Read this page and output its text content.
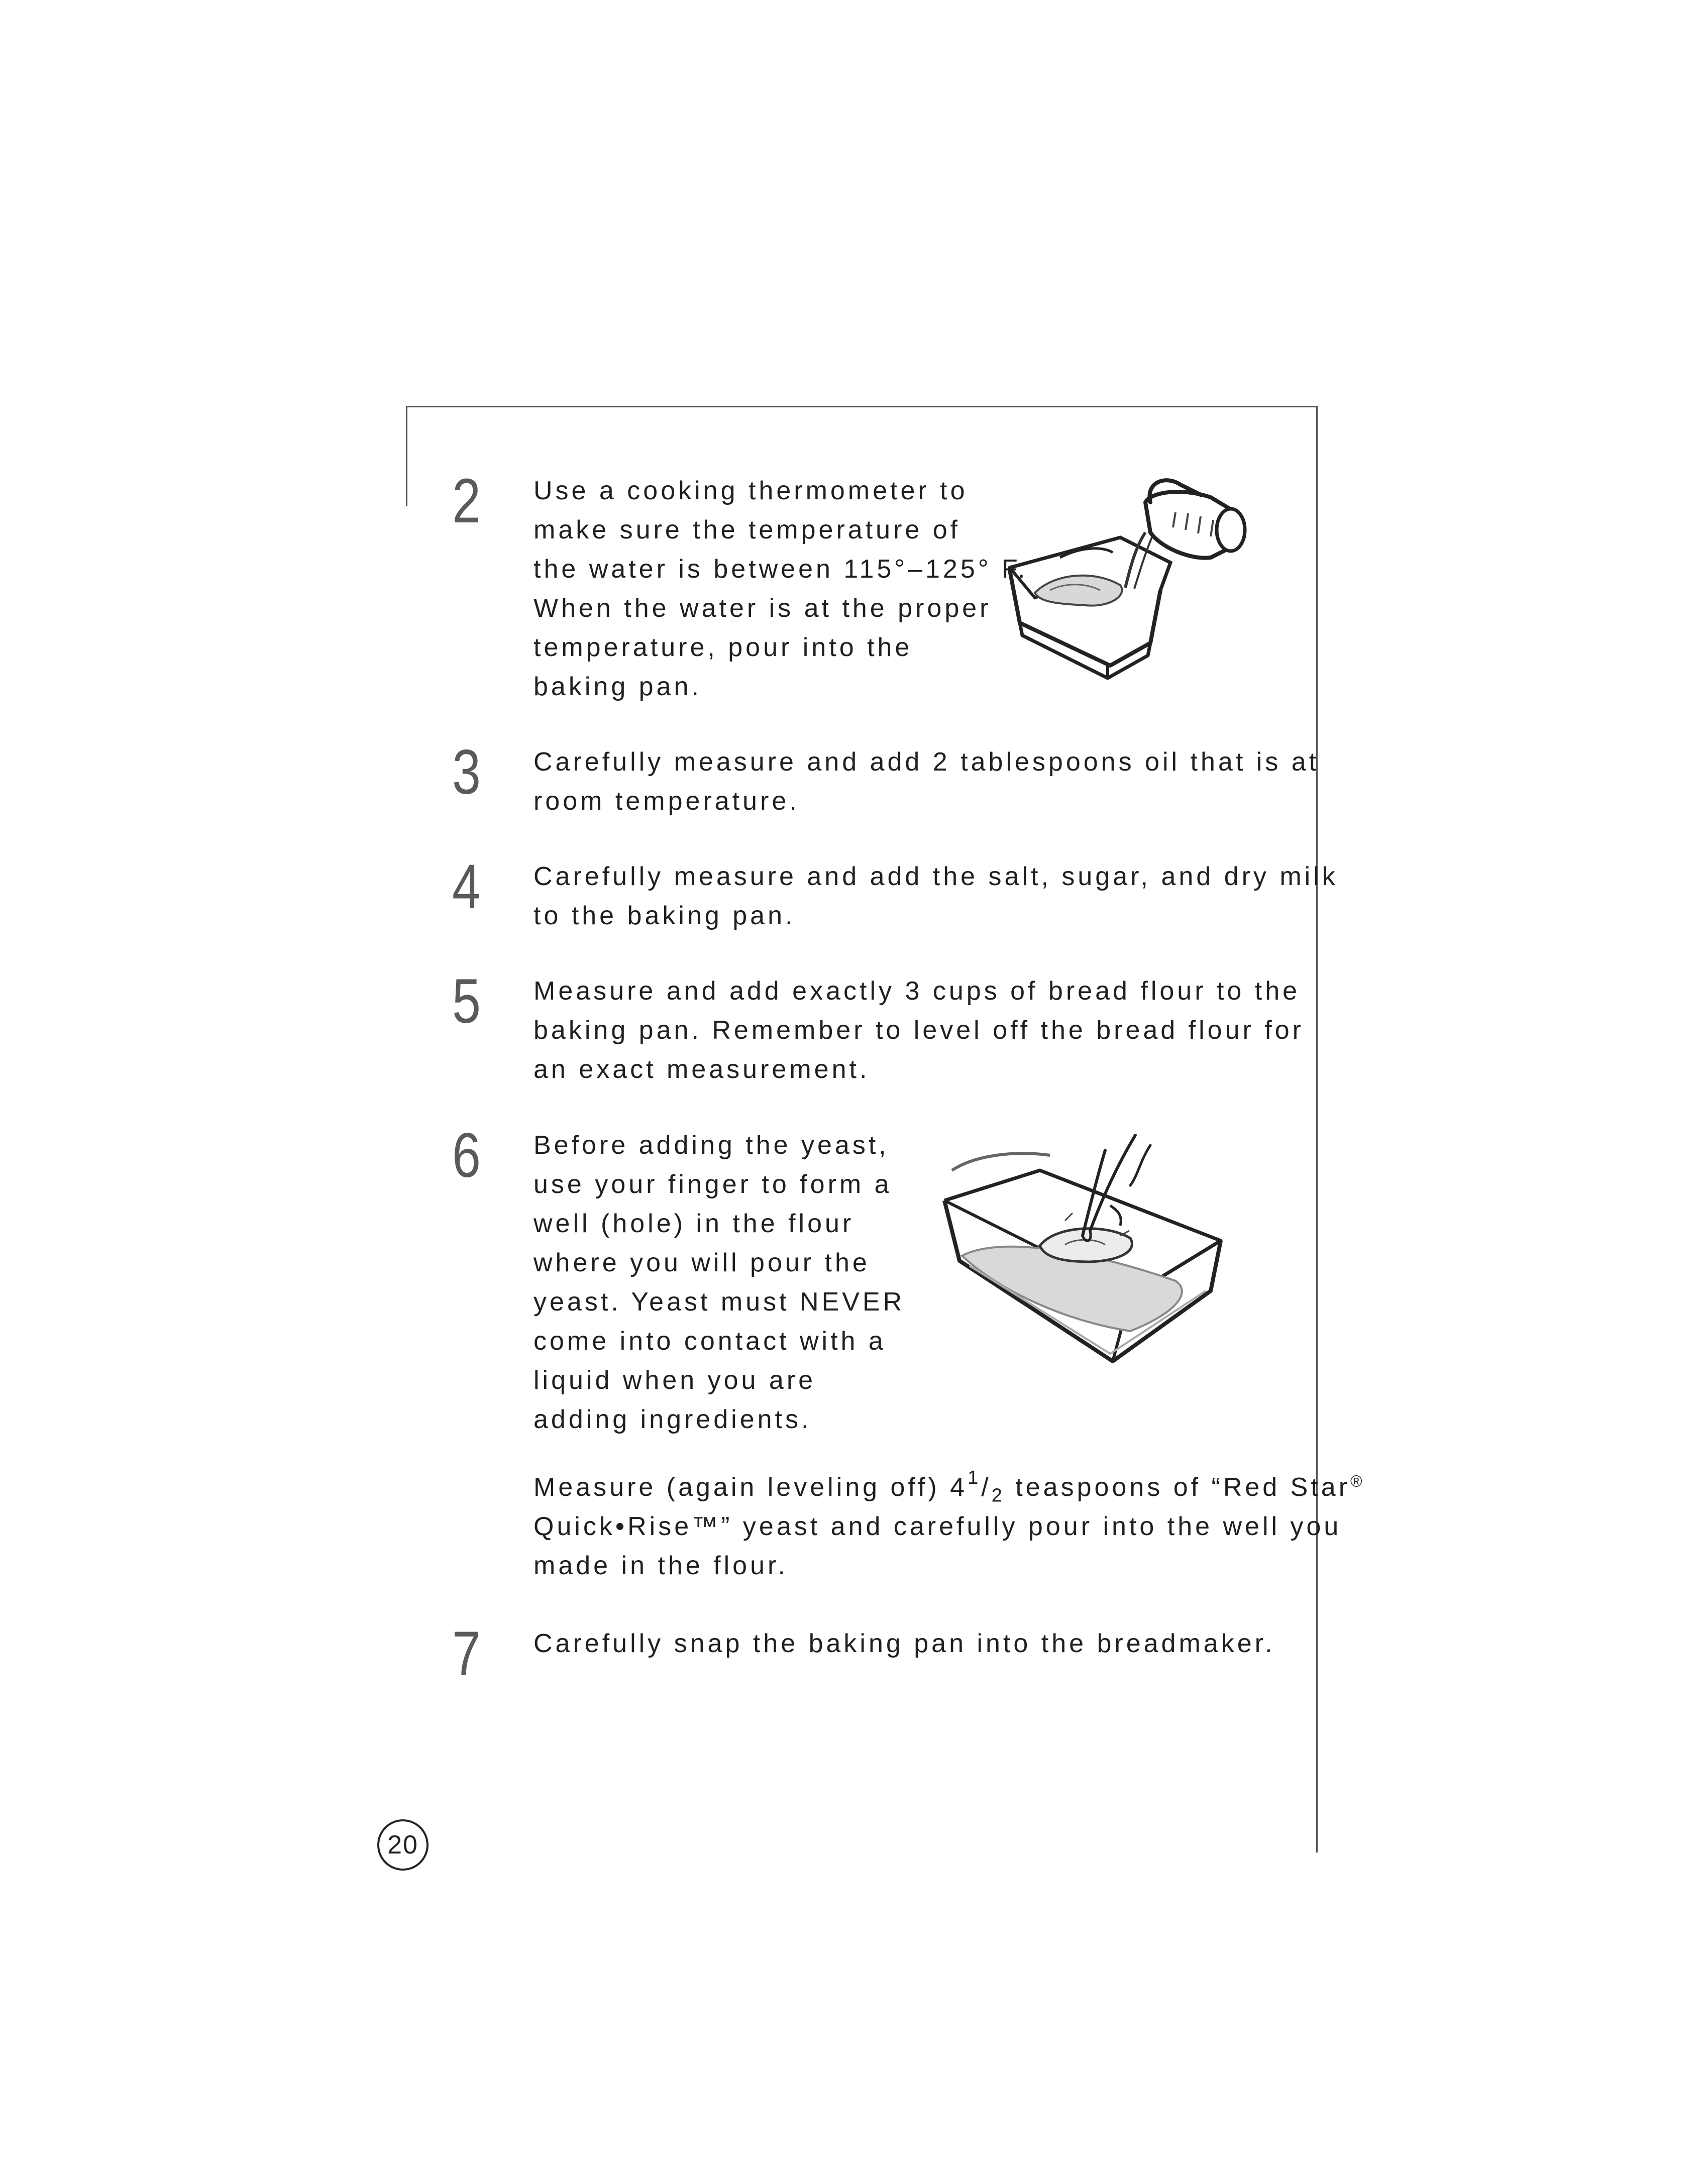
2 Use a cooking thermometer to

make sure the temperature of

the water is between 115°–125° F.

When the water is at the proper

temperature, pour into the

baking pan.

3 Carefully measure and add 2 tablespoons oil that is at

room temperature.

4 Carefully measure and add the salt, sugar, and dry milk

to the baking pan.

5 Measure and add exactly 3 cups of bread flour to the

baking pan. Remember to level off the bread flour for

an exact measurement.

6 Before adding the yeast,

use your finger to form a

well (hole) in the flour

where you will pour the

yeast. Yeast must NEVER

come into contact with a

liquid when you are

adding ingredients.

Measure (again leveling off) $4^1/_2$ teaspoons of “Red Star®

Quick•Rise™” yeast and carefully pour into the well you

made in the flour.

7 Carefully snap the baking pan into the breadmaker.

20
